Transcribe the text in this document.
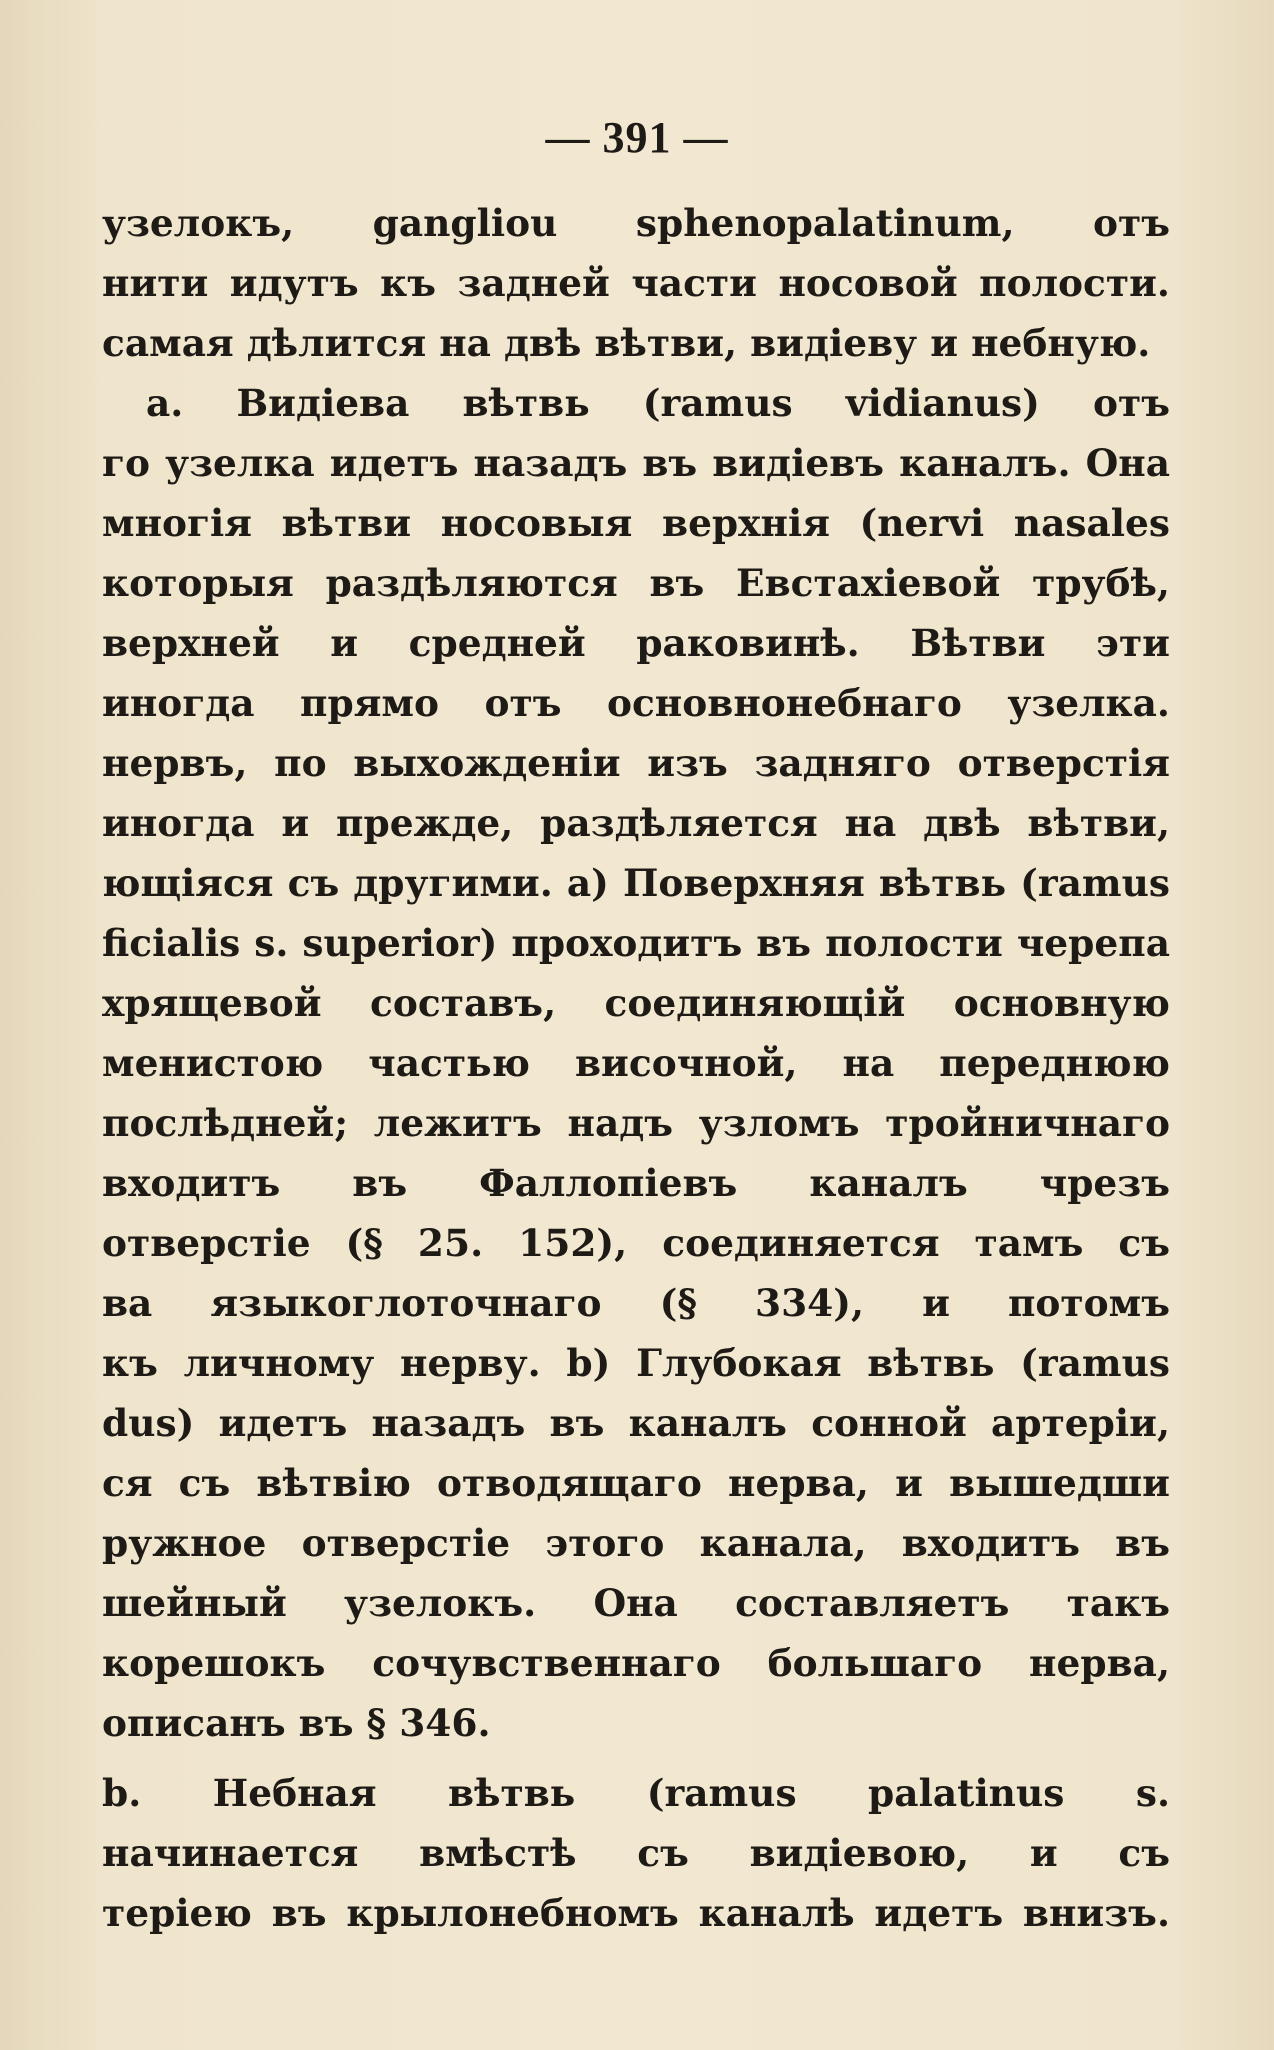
— 391 —
узелокъ, gangliou sphenopalatinum, отъ
нити идутъ къ задней части носовой полости.
самая дѣлится на двѣ вѣтви, видіеву и небную.
a. Видіева вѣтвь (ramus vidianus) отъ
го узелка идетъ назадъ въ видіевъ каналъ. Она
многія вѣтви носовыя верхнія (nervi nasales
которыя раздѣляются въ Евстахіевой трубѣ,
верхней и средней раковинѣ. Вѣтви эти
иногда прямо отъ основнонебнаго узелка.
нервъ, по выхожденіи изъ задняго отверстія
иногда и прежде, раздѣляется на двѣ вѣтви,
ющіяся съ другими. a) Поверхняя вѣтвь (ramus
ficialis s. superior) проходитъ въ полости черепа
хрящевой составъ, соединяющій основную
менистою частью височной, на переднюю
послѣдней; лежитъ надъ узломъ тройничнаго
входитъ въ Фаллопіевъ каналъ чрезъ
отверстіе (§ 25. 152), соединяется тамъ съ
ва языкоглоточнаго (§ 334), и потомъ
къ личному нерву. b) Глубокая вѣтвь (ramus
dus) идетъ назадъ въ каналъ сонной артеріи,
ся съ вѣтвію отводящаго нерва, и вышедши
ружное отверстіе этого канала, входитъ въ
шейный узелокъ. Она составляетъ такъ
корешокъ сочувственнаго большаго нерва,
описанъ въ § 346.
b. Небная вѣтвь (ramus palatinus s.
начинается вмѣстѣ съ видіевою, и съ
теріею въ крылонебномъ каналѣ идетъ внизъ.
